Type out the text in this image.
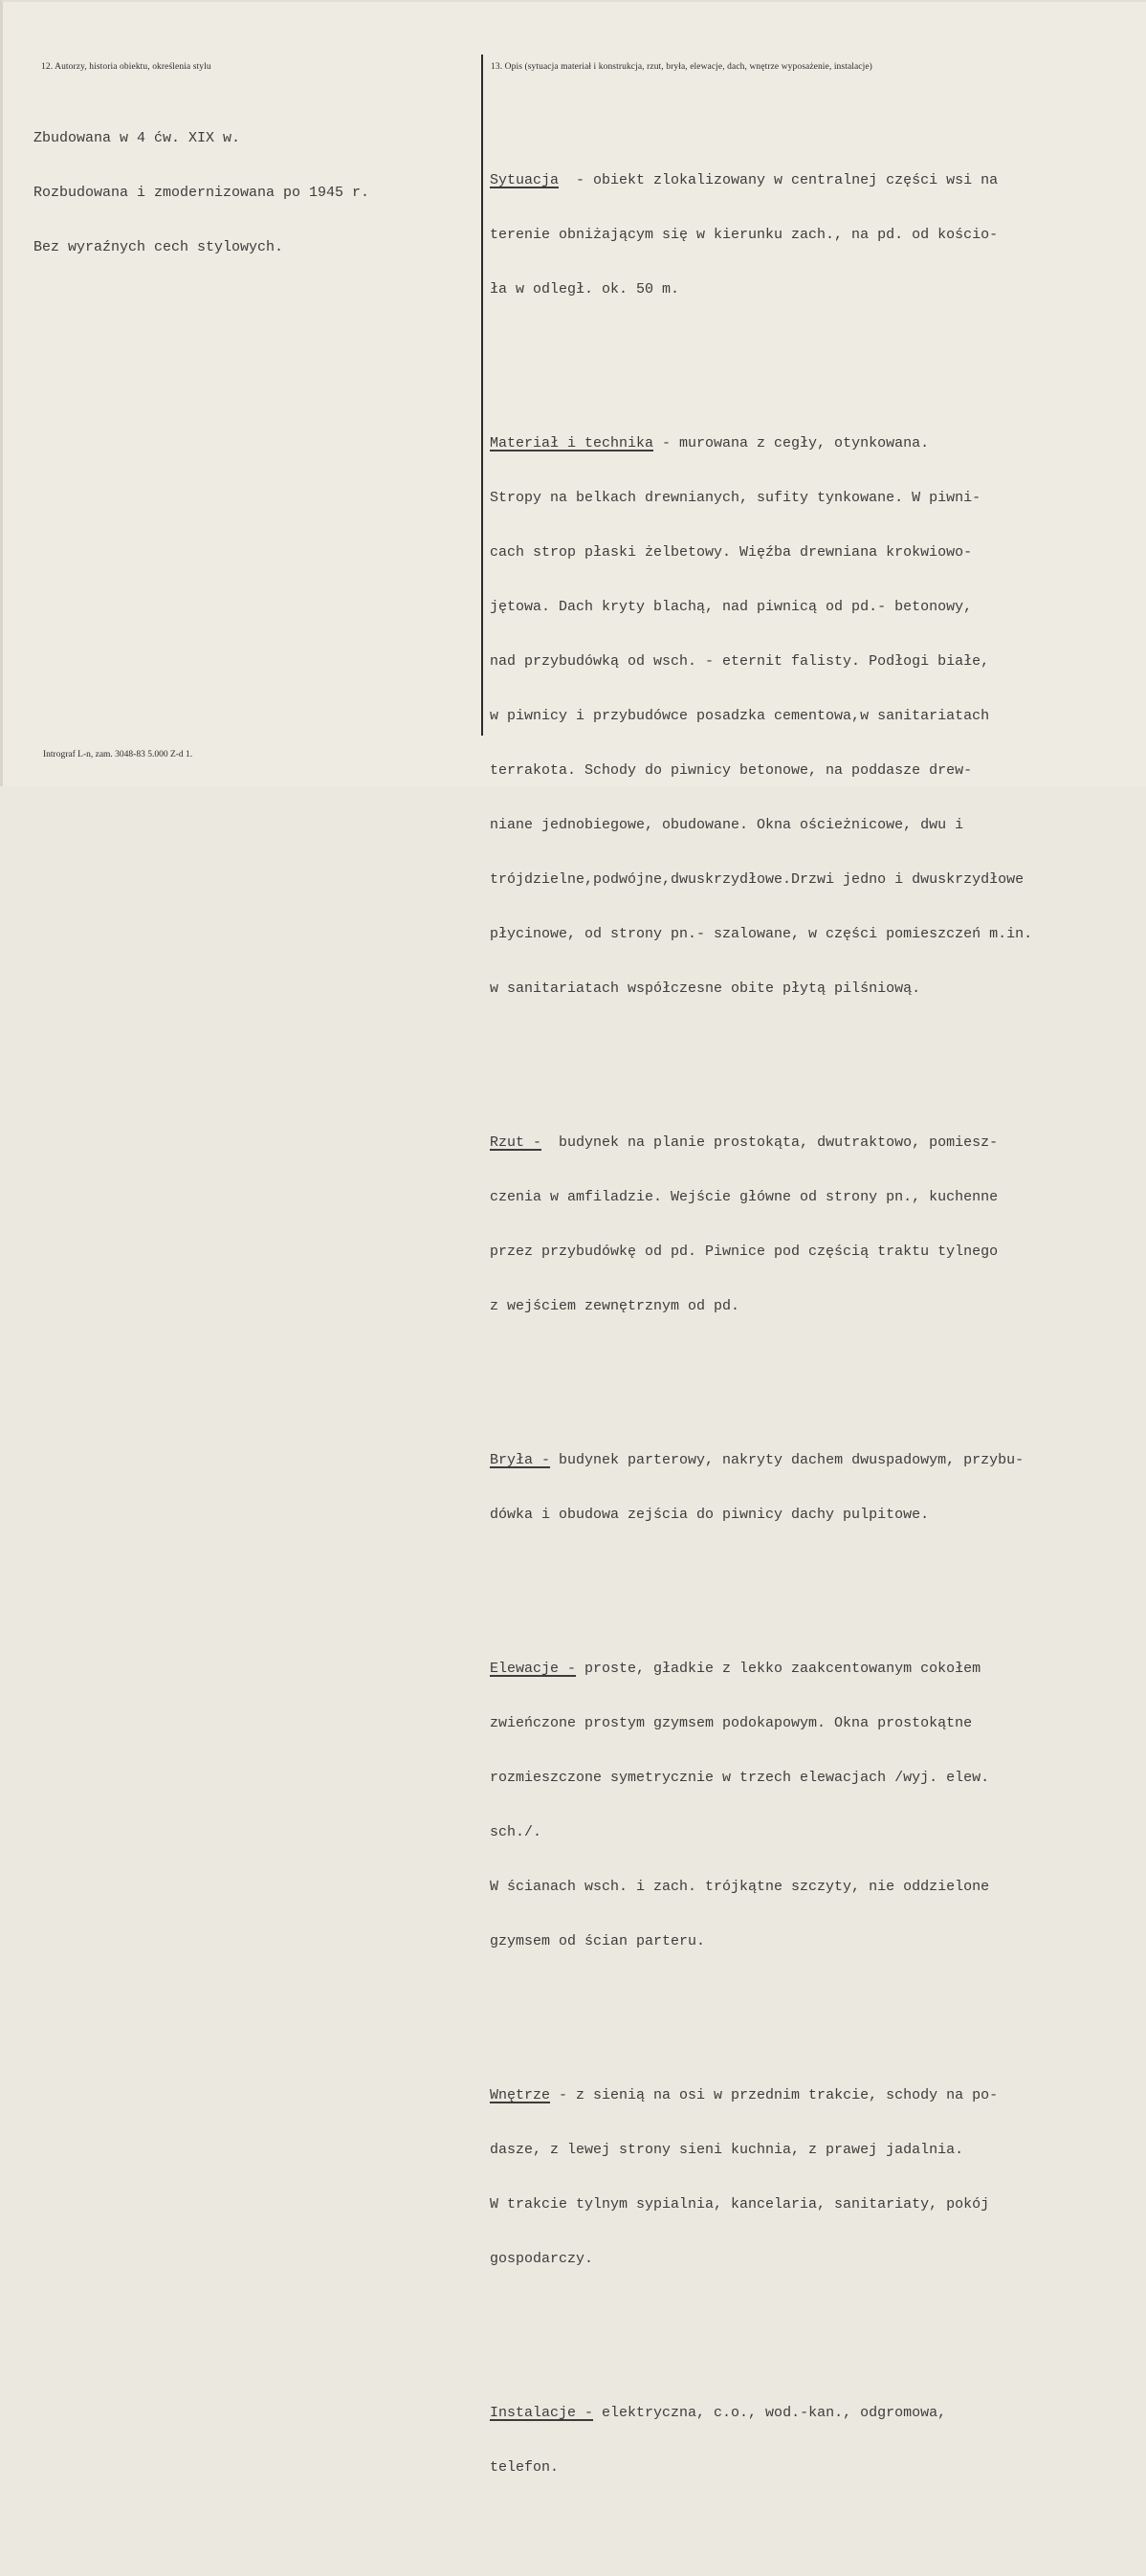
12. Autorzy, historia obiektu, określenia stylu	13. Opis (sytuacja materiał i konstrukcja, rzut, bryła, elewacje, dach, wnętrze wyposażenie, instalacje)

Zbudowana w 4 ćw. XIX w.

Rozbudowana i zmodernizowana po 1945 r.

Bez wyraźnych cech stylowych.

Sytuacja  - obiekt zlokalizowany w centralnej części wsi na

terenie obniżającym się w kierunku zach., na pd. od kościo-

ła w odległ. ok. 50 m.

Materiał i technika - murowana z cegły, otynkowana.

Stropy na belkach drewnianych, sufity tynkowane. W piwni-

cach strop płaski żelbetowy. Więźba drewniana krokwiowo-

jętowa. Dach kryty blachą, nad piwnicą od pd.- betonowy,

nad przybudówką od wsch. - eternit falisty. Podłogi białe,

w piwnicy i przybudówce posadzka cementowa,w sanitariatach

terrakota. Schody do piwnicy betonowe, na poddasze drew-

niane jednobiegowe, obudowane. Okna ościeżnicowe, dwu i

trójdzielne,podwójne,dwuskrzydłowe.Drzwi jedno i dwuskrzydłowe

płycinowe, od strony pn.- szalowane, w części pomieszczeń m.in.

w sanitariatach współczesne obite płytą pilśniową.

Rzut -  budynek na planie prostokąta, dwutraktowo, pomiesz-

czenia w amfiladzie. Wejście główne od strony pn., kuchenne

przez przybudówkę od pd. Piwnice pod częścią traktu tylnego

z wejściem zewnętrznym od pd.

Bryła - budynek parterowy, nakryty dachem dwuspadowym, przybu-

dówka i obudowa zejścia do piwnicy dachy pulpitowe.

Elewacje - proste, gładkie z lekko zaakcentowanym cokołem

zwieńczone prostym gzymsem podokapowym. Okna prostokątne

rozmieszczone symetrycznie w trzech elewacjach /wyj. elew.

sch./.

W ścianach wsch. i zach. trójkątne szczyty, nie oddzielone

gzymsem od ścian parteru.

Wnętrze - z sienią na osi w przednim trakcie, schody na po-

dasze, z lewej strony sieni kuchnia, z prawej jadalnia.

W trakcie tylnym sypialnia, kancelaria, sanitariaty, pokój

gospodarczy.

Instalacje - elektryczna, c.o., wod.-kan., odgromowa,

telefon.

Intrograf L-n, zam. 3048-83 5.000 Z-d 1.
